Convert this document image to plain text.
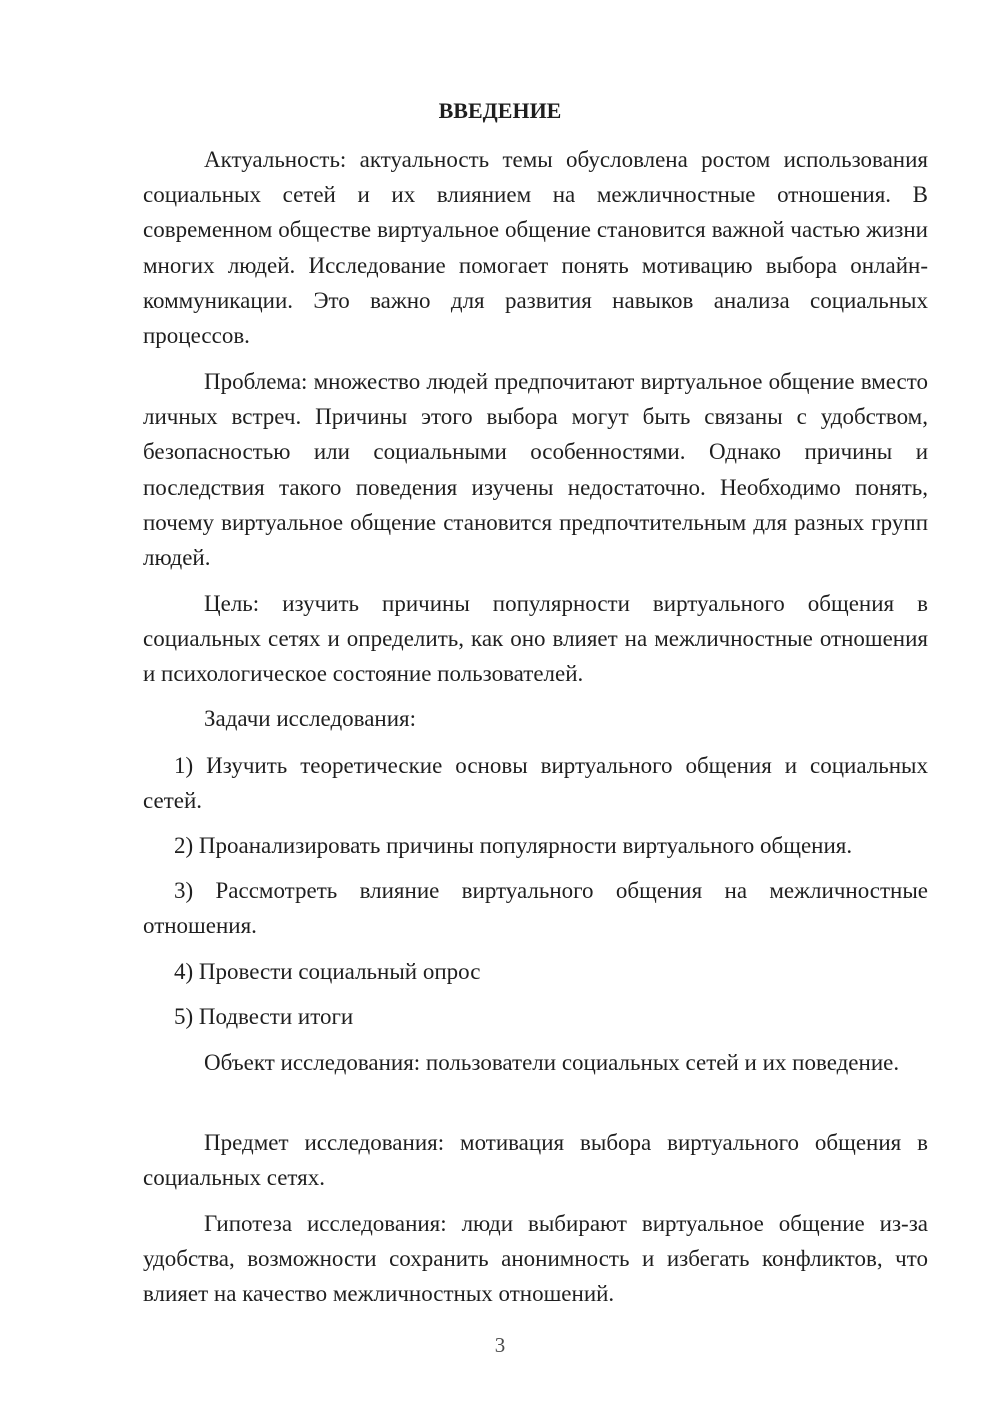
ВВЕДЕНИЕ

Актуальность: актуальность темы обусловлена ростом использования социальных сетей и их влиянием на межличностные отношения. В современном обществе виртуальное общение становится важной частью жизни многих людей. Исследование помогает понять мотивацию выбора онлайн-коммуникации. Это важно для развития навыков анализа социальных процессов.

Проблема: множество людей предпочитают виртуальное общение вместо личных встреч. Причины этого выбора могут быть связаны с удобством, безопасностью или социальными особенностями. Однако причины и последствия такого поведения изучены недостаточно. Необходимо понять, почему виртуальное общение становится предпочтительным для разных групп людей.

Цель: изучить причины популярности виртуального общения в социальных сетях и определить, как оно влияет на межличностные отношения и психологическое состояние пользователей.

Задачи исследования:

1) Изучить теоретические основы виртуального общения и социальных сетей.

2) Проанализировать причины популярности виртуального общения.

3) Рассмотреть влияние виртуального общения на межличностные отношения.

4) Провести социальный опрос

5) Подвести итоги

Объект исследования: пользователи социальных сетей и их поведение.

Предмет исследования: мотивация выбора виртуального общения в социальных сетях.

Гипотеза исследования: люди выбирают виртуальное общение из-за удобства, возможности сохранить анонимность и избегать конфликтов, что влияет на качество межличностных отношений.

3
